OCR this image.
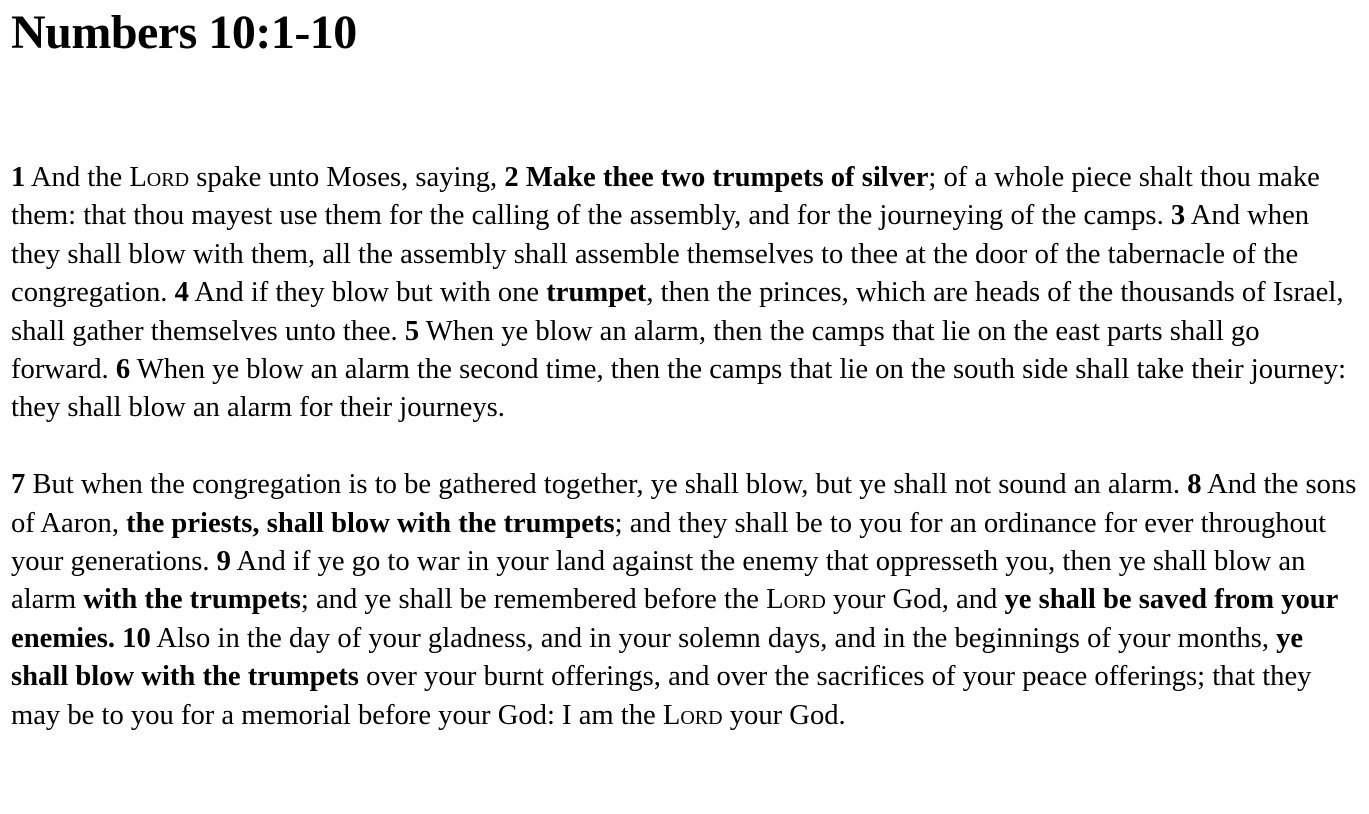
Numbers 10:1-10

1 And the Lord spake unto Moses, saying, 2 Make thee two trumpets of silver; of a whole piece shalt thou make them: that thou mayest use them for the calling of the assembly, and for the journeying of the camps. 3 And when they shall blow with them, all the assembly shall assemble themselves to thee at the door of the tabernacle of the congregation. 4 And if they blow but with one trumpet, then the princes, which are heads of the thousands of Israel, shall gather themselves unto thee. 5 When ye blow an alarm, then the camps that lie on the east parts shall go forward. 6 When ye blow an alarm the second time, then the camps that lie on the south side shall take their journey: they shall blow an alarm for their journeys.

7 But when the congregation is to be gathered together, ye shall blow, but ye shall not sound an alarm. 8 And the sons of Aaron, the priests, shall blow with the trumpets; and they shall be to you for an ordinance for ever throughout your generations. 9 And if ye go to war in your land against the enemy that oppresseth you, then ye shall blow an alarm with the trumpets; and ye shall be remembered before the Lord your God, and ye shall be saved from your enemies. 10 Also in the day of your gladness, and in your solemn days, and in the beginnings of your months, ye shall blow with the trumpets over your burnt offerings, and over the sacrifices of your peace offerings; that they may be to you for a memorial before your God: I am the Lord your God.
